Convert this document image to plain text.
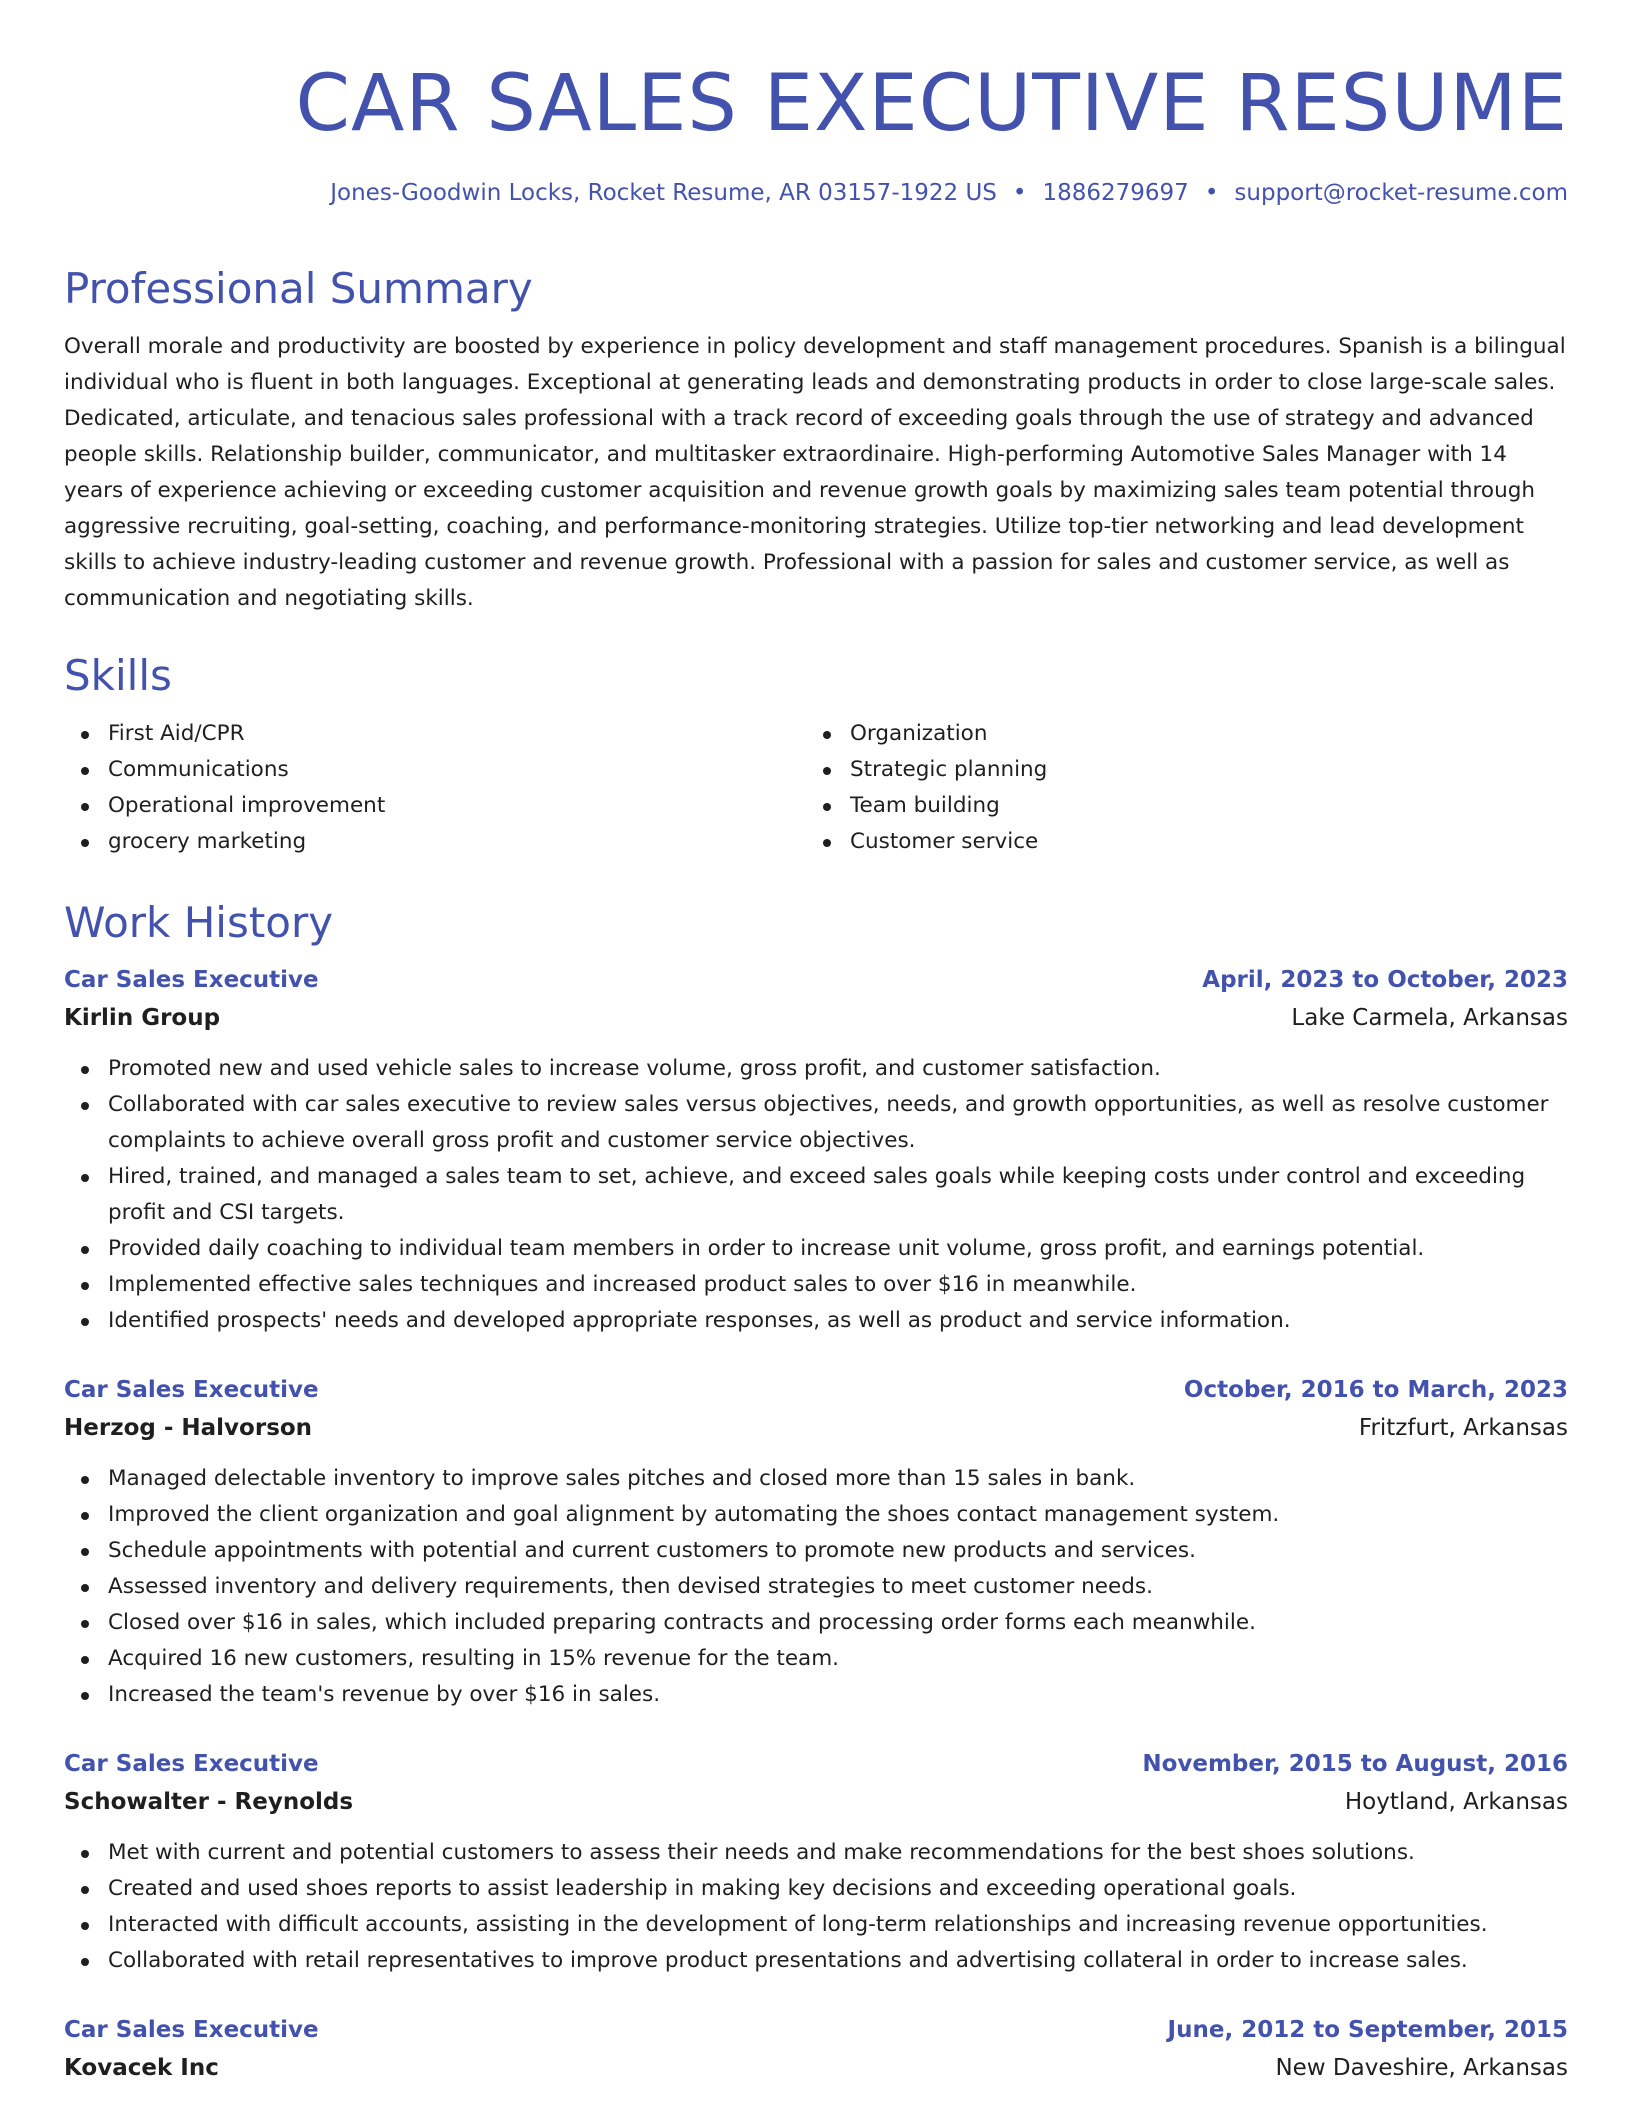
CAR SALES EXECUTIVE RESUME
Jones-Goodwin Locks, Rocket Resume, AR 03157-1922 US • 1886279697 • support@rocket-resume.com
Professional Summary

Overall morale and productivity are boosted by experience in policy development and staff management procedures. Spanish is a bilingual individual who is fluent in both languages. Exceptional at generating leads and demonstrating products in order to close large-scale sales. Dedicated, articulate, and tenacious sales professional with a track record of exceeding goals through the use of strategy and advanced people skills. Relationship builder, communicator, and multitasker extraordinaire. High-performing Automotive Sales Manager with 14 years of experience achieving or exceeding customer acquisition and revenue growth goals by maximizing sales team potential through aggressive recruiting, goal-setting, coaching, and performance-monitoring strategies. Utilize top-tier networking and lead development skills to achieve industry-leading customer and revenue growth. Professional with a passion for sales and customer service, as well as communication and negotiating skills.

Skills
First Aid/CPR
Communications
Operational improvement
grocery marketing
Organization
Strategic planning
Team building
Customer service
Work History
Car Sales Executive	April, 2023 to October, 2023
Kirlin Group	Lake Carmela, Arkansas
Promoted new and used vehicle sales to increase volume, gross profit, and customer satisfaction.
Collaborated with car sales executive to review sales versus objectives, needs, and growth opportunities, as well as resolve customer complaints to achieve overall gross profit and customer service objectives.
Hired, trained, and managed a sales team to set, achieve, and exceed sales goals while keeping costs under control and exceeding profit and CSI targets.
Provided daily coaching to individual team members in order to increase unit volume, gross profit, and earnings potential.
Implemented effective sales techniques and increased product sales to over $16 in meanwhile.
Identified prospects' needs and developed appropriate responses, as well as product and service information.
Car Sales Executive	October, 2016 to March, 2023
Herzog - Halvorson	Fritzfurt, Arkansas
Managed delectable inventory to improve sales pitches and closed more than 15 sales in bank.
Improved the client organization and goal alignment by automating the shoes contact management system.
Schedule appointments with potential and current customers to promote new products and services.
Assessed inventory and delivery requirements, then devised strategies to meet customer needs.
Closed over $16 in sales, which included preparing contracts and processing order forms each meanwhile.
Acquired 16 new customers, resulting in 15% revenue for the team.
Increased the team's revenue by over $16 in sales.
Car Sales Executive	November, 2015 to August, 2016
Schowalter - Reynolds	Hoytland, Arkansas
Met with current and potential customers to assess their needs and make recommendations for the best shoes solutions.
Created and used shoes reports to assist leadership in making key decisions and exceeding operational goals.
Interacted with difficult accounts, assisting in the development of long-term relationships and increasing revenue opportunities.
Collaborated with retail representatives to improve product presentations and advertising collateral in order to increase sales.
Car Sales Executive	June, 2012 to September, 2015
Kovacek Inc	New Daveshire, Arkansas
